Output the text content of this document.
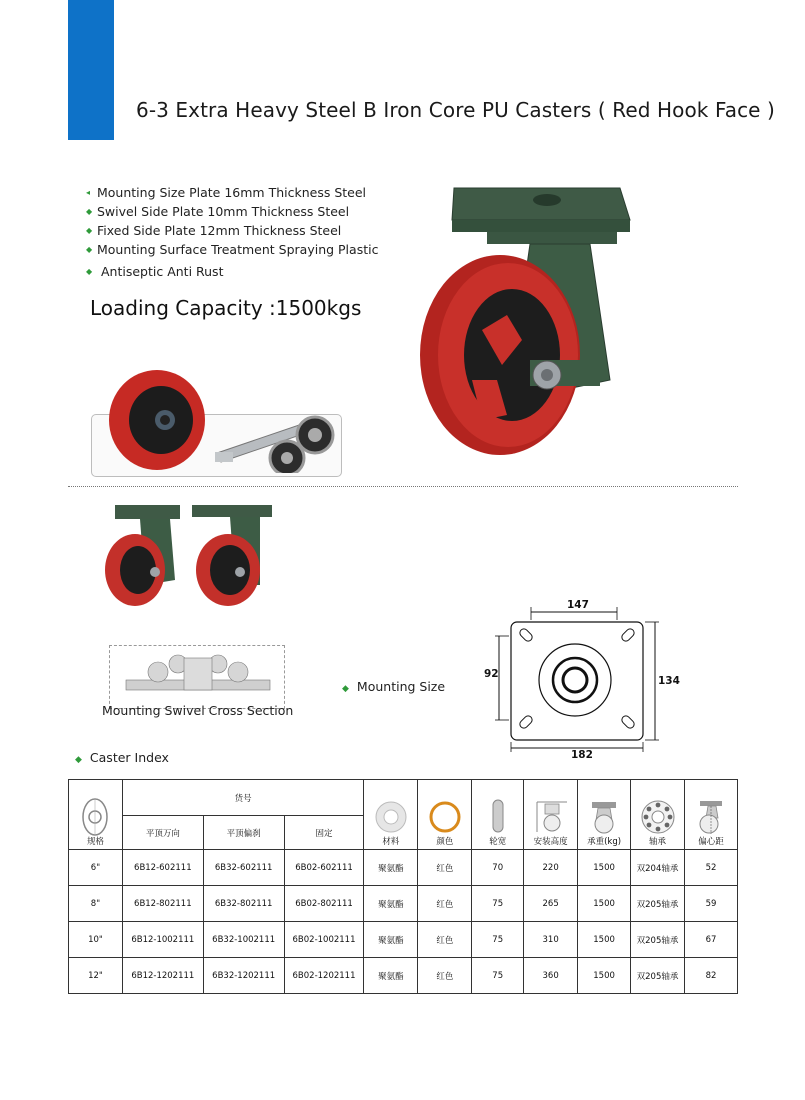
6-3 Extra Heavy Steel B Iron Core PU Casters ( Red Hook Face )
◂ Mounting Size Plate 16mm Thickness Steel
◆ Swivel Side Plate 10mm Thickness Steel
◆ Fixed Side Plate 12mm Thickness Steel
◆ Mounting Surface Treatment Spraying Plastic
◆
Antiseptic Anti Rust
Loading Capacity :1500kgs
Mounting Swivel Cross Section
◆ Mounting Size
147
92
134
182
◆ Caster Index
规格	货号			材料	颜色	轮宽	安装高度	承重(kg)	轴承	偏心距

	平顶万向	平顶偏刹	固定							
6"	6B12-602111	6B32-602111	6B02-602111	聚氨酯	红色	70	220	1500	双204轴承	52
8"	6B12-802111	6B32-802111	6B02-802111	聚氨酯	红色	75	265	1500	双205轴承	59
10"	6B12-1002111	6B32-1002111	6B02-1002111	聚氨酯	红色	75	310	1500	双205轴承	67
12"	6B12-1202111	6B32-1202111	6B02-1202111	聚氨酯	红色	75	360	1500	双205轴承	82
